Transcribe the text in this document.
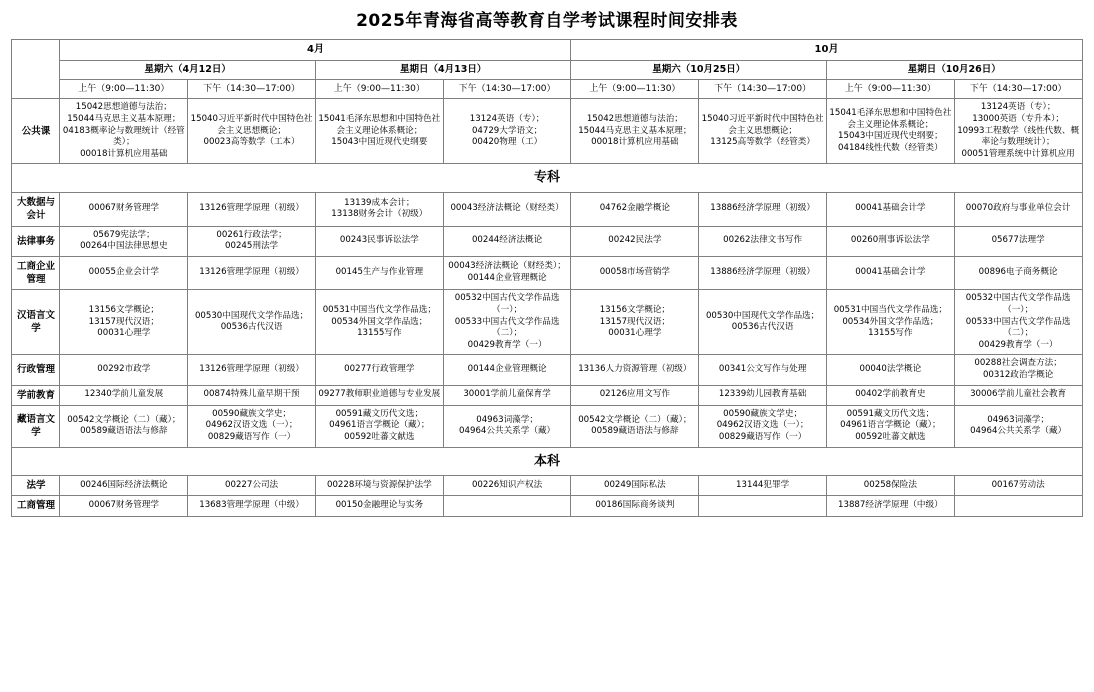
2025年青海省高等教育自学考试课程时间安排表
	4月				10月			
	星期六（4月12日）		星期日（4月13日）		星期六（10月25日）		星期日（10月26日）	
	上午（9:00—11:30）	下午（14:30—17:00）	上午（9:00—11:30）	下午（14:30—17:00）	上午（9:00—11:30）	下午（14:30—17:00）	上午（9:00—11:30）	下午（14:30—17:00）
公共课	15042思想道德与法治；
15044马克思主义基本原理；
04183概率论与数理统计（经管类）；
00018计算机应用基础	15040习近平新时代中国特色社会主义思想概论；
00023高等数学（工本）	15041毛泽东思想和中国特色社会主义理论体系概论；
15043中国近现代史纲要	13124英语（专）；
04729大学语文；
00420物理（工）	15042思想道德与法治；
15044马克思主义基本原理；
00018计算机应用基础	15040习近平新时代中国特色社会主义思想概论；
13125高等数学（经管类）	15041毛泽东思想和中国特色社会主义理论体系概论；
15043中国近现代史纲要；
04184线性代数（经管类）	13124英语（专）；
13000英语（专升本）；
10993工程数学（线性代数、概率论与数理统计）；
00051管理系统中计算机应用
专科								
大数据与会计	00067财务管理学	13126管理学原理（初级）	13139成本会计；
13138财务会计（初级）	00043经济法概论（财经类）	04762金融学概论	13886经济学原理（初级）	00041基础会计学	00070政府与事业单位会计
法律事务	05679宪法学；
00264中国法律思想史	00261行政法学；
00245刑法学	00243民事诉讼法学	00244经济法概论	00242民法学	00262法律文书写作	00260刑事诉讼法学	05677法理学
工商企业管理	00055企业会计学	13126管理学原理（初级）	00145生产与作业管理	00043经济法概论（财经类）；
00144企业管理概论	00058市场营销学	13886经济学原理（初级）	00041基础会计学	00896电子商务概论
汉语言文学	13156文学概论；
13157现代汉语；
00031心理学	00530中国现代文学作品选；
00536古代汉语	00531中国当代文学作品选；
00534外国文学作品选；
13155写作	00532中国古代文学作品选（一）；
00533中国古代文学作品选（二）；
00429教育学（一）	13156文学概论；
13157现代汉语；
00031心理学	00530中国现代文学作品选；
00536古代汉语	00531中国当代文学作品选；
00534外国文学作品选；
13155写作	00532中国古代文学作品选（一）；
00533中国古代文学作品选（二）；
00429教育学（一）
行政管理	00292市政学	13126管理学原理（初级）	00277行政管理学	00144企业管理概论	13136人力资源管理（初级）	00341公文写作与处理	00040法学概论	00288社会调查方法；
00312政治学概论
学前教育	12340学前儿童发展	00874特殊儿童早期干预	09277教师职业道德与专业发展	30001学前儿童保育学	02126应用文写作	12339幼儿园教育基础	00402学前教育史	30006学前儿童社会教育
藏语言文学	00542文学概论（二）（藏）；
00589藏语语法与修辞	00590藏族文学史；
04962汉语文选（一）；
00829藏语写作（一）	00591藏文历代文选；
04961语言学概论（藏）；
00592吐蕃文献选	04963词藻学；
04964公共关系学（藏）	00542文学概论（二）（藏）；
00589藏语语法与修辞	00590藏族文学史；
04962汉语文选（一）；
00829藏语写作（一）	00591藏文历代文选；
04961语言学概论（藏）；
00592吐蕃文献选	04963词藻学；
04964公共关系学（藏）
本科								
法学	00246国际经济法概论	00227公司法	00228环境与资源保护法学	00226知识产权法	00249国际私法	13144犯罪学	00258保险法	00167劳动法
工商管理	00067财务管理学	13683管理学原理（中级）	00150金融理论与实务		00186国际商务谈判		13887经济学原理（中级）	
